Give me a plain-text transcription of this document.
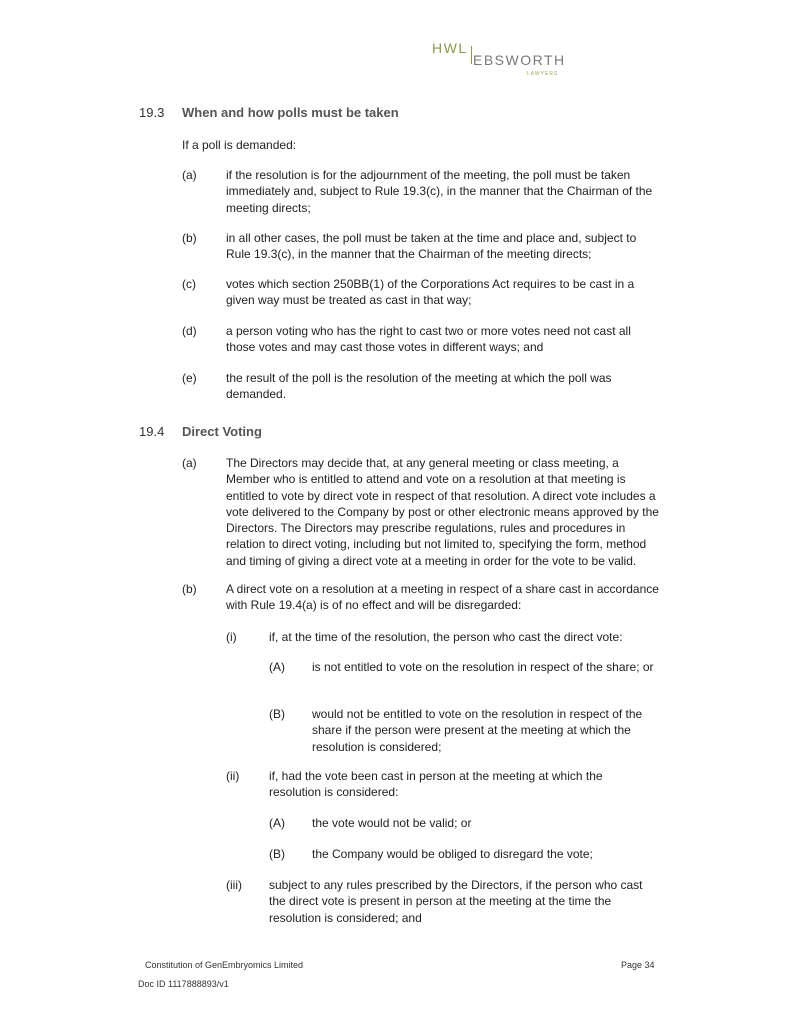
HWL
EBSWORTH
LAWYERS
19.3 When and how polls must be taken
If a poll is demanded:
(a) if the resolution is for the adjournment of the meeting, the poll must be taken immediately and, subject to Rule 19.3(c), in the manner that the Chairman of the meeting directs;
(b) in all other cases, the poll must be taken at the time and place and, subject to Rule 19.3(c), in the manner that the Chairman of the meeting directs;
(c)	votes which section 250BB(1) of the Corporations Act requires to be cast in a given way must be treated as cast in that way;
(d) a person voting who has the right to cast two or more votes need not cast all those votes and may cast those votes in different ways; and
(e) the result of the poll is the resolution of the meeting at which the poll was demanded.
19.4 Direct Voting
(a) The Directors may decide that, at any general meeting or class meeting, a Member who is entitled to attend and vote on a resolution at that meeting is entitled to vote by direct vote in respect of that resolution. A direct vote includes a vote delivered to the Company by post or other electronic means approved by the Directors. The Directors may prescribe regulations, rules and procedures in relation to direct voting, including but not limited to, specifying the form, method and timing of giving a direct vote at a meeting in order for the vote to be valid.
(b) A direct vote on a resolution at a meeting in respect of a share cast in accordance with Rule 19.4(a) is of no effect and will be disregarded:
(i)	if, at the time of the resolution, the person who cast the direct vote:
(A) is not entitled to vote on the resolution in respect of the share; or
(B) would not be entitled to vote on the resolution in respect of the share if the person were present at the meeting at which the resolution is considered;
(ii) if, had the vote been cast in person at the meeting at which the resolution is considered:
(A) the vote would not be valid; or
(B) the Company would be obliged to disregard the vote;
(iii) subject to any rules prescribed by the Directors, if the person who cast the direct vote is present in person at the meeting at the time the resolution is considered; and
Constitution of GenEmbryomics Limited	Page 34
Doc ID 1117888893/v1
